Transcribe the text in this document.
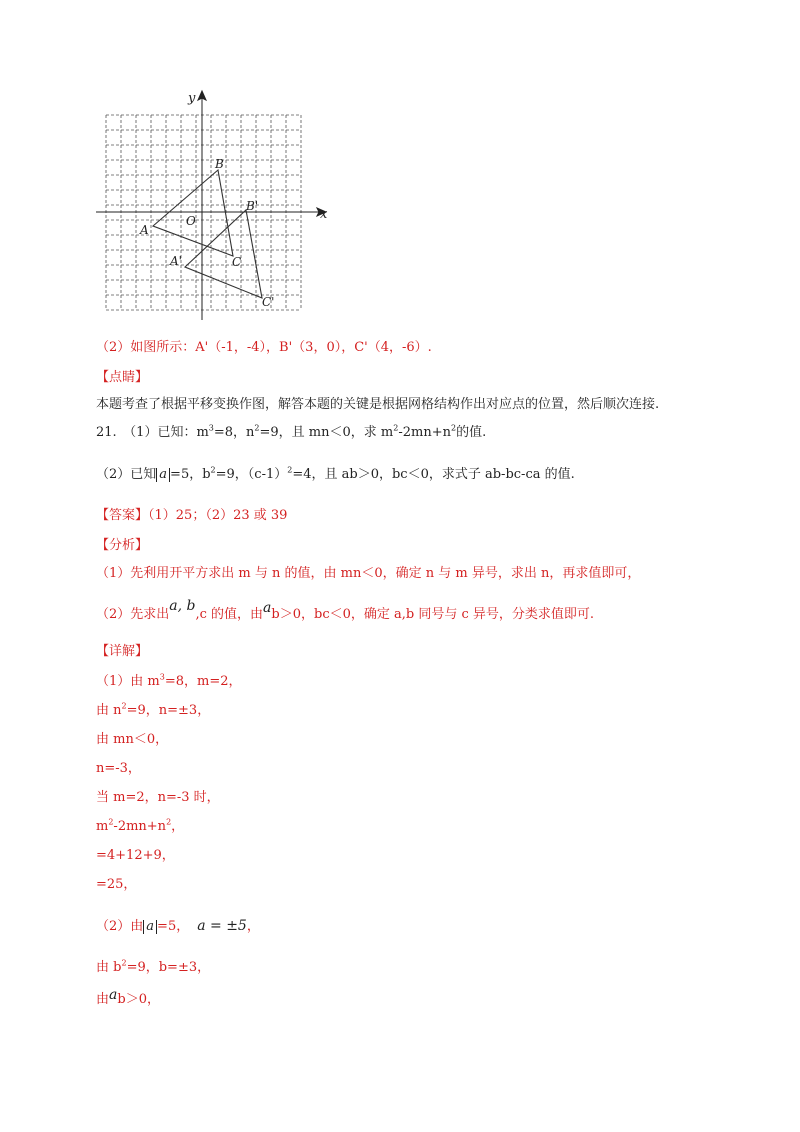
y
x
O
A
B
C
A'
B'
C'
（2）如图所示：A'（-1，-4），B'（3，0），C'（4，-6）.
【点睛】
本题考查了根据平移变换作图，解答本题的关键是根据网格结构作出对应点的位置，然后顺次连接.
21.　（1）已知：$m^3=8$，$n^2=9$，且 mn＜0，求 $m^2-2mn+n^2$的值.
（2）已知 a =5，$b^2=9$，$(c-1)^2=4$，且 ab＞0，bc＜0，求式子 ab-bc-ca 的值.
【答案】（1）25；（2）23 或 39
【分析】
（1）先利用开平方求出 m 与 n 的值，由 mn＜0，确定 n 与 m 异号，求出 n，再求值即可，
（2）先求出a, b,c 的值，由ab＞0，bc＜0，确定 a,b 同号与 c 异号，分类求值即可.
【详解】
（1）由 $m^3=8$，m=2，
由 $n^2=9$，n=±3，
由 mn＜0，
n=-3，
当 m=2，n=-3 时，
$m^2-2mn+n^2$，
=4+12+9，
=25，
（2）由 a =5， a = ±5，
由 $b^2=9$，b=±3，
由ab＞0，
